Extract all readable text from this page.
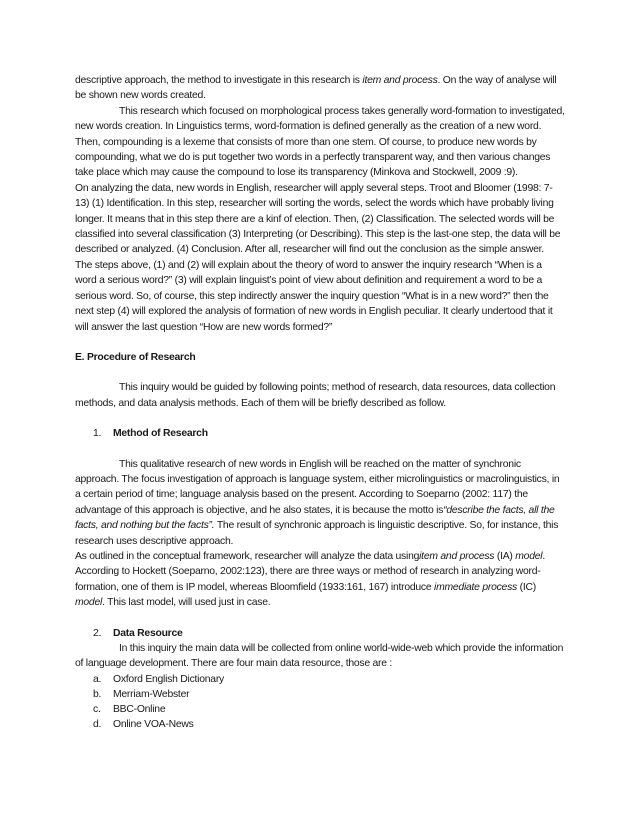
descriptive approach, the method to investigate in this research is item and process. On the way of analyse will be shown new words created.

This research which focused on morphological process takes generally word-formation to investigated, new words creation. In Linguistics terms, word-formation is defined generally as the creation of a new word. Then, compounding is a lexeme that consists of more than one stem. Of course, to produce new words by compounding, what we do is put together two words in a perfectly transparent way, and then various changes take place which may cause the compound to lose its transparency (Minkova and Stockwell, 2009 :9).

On analyzing the data, new words in English, researcher will apply several steps. Troot and Bloomer (1998: 7-13) (1) Identification. In this step, researcher will sorting the words, select the words which have probably living longer. It means that in this step there are a kinf of election. Then, (2) Classification. The selected words will be classified into several classification (3) Interpreting (or Describing). This step is the last-one step, the data will be described or analyzed. (4) Conclusion. After all, researcher will find out the conclusion as the simple answer.

The steps above, (1) and (2) will explain about the theory of word to answer the inquiry research “When is a word a serious word?” (3) will explain linguist’s point of view about definition and requirement a word to be a serious word. So, of course, this step indirectly answer the inquiry question “What is in a new word?” then the next step (4) will explored the analysis of formation of new words in English peculiar. It clearly undertood that it will answer the last question “How are new words formed?”

E. Procedure of Research

This inquiry would be guided by following points; method of research, data resources, data collection methods, and data analysis methods. Each of them will be briefly described as follow.

1. Method of Research

This qualitative research of new words in English will be reached on the matter of synchronic approach. The focus investigation of approach is language system, either microlinguistics or macrolinguistics, in a certain period of time; language analysis based on the present. According to Soeparno (2002: 117) the advantage of this approach is objective, and he also states, it is because the motto is“describe the facts, all the facts, and nothing but the facts”. The result of synchronic approach is linguistic descriptive. So, for instance, this research uses descriptive approach.

As outlined in the conceptual framework, researcher will analyze the data usingitem and process (IA) model. According to Hockett (Soeparno, 2002:123), there are three ways or method of research in analyzing word-formation, one of them is IP model, whereas Bloomfield (1933:161, 167) introduce immediate process (IC) model. This last model, will used just in case.

2. Data Resource

In this inquiry the main data will be collected from online world-wide-web which provide the information of language development. There are four main data resource, those are :

a. Oxford English Dictionary
b. Merriam-Webster
c. BBC-Online
d. Online VOA-News
